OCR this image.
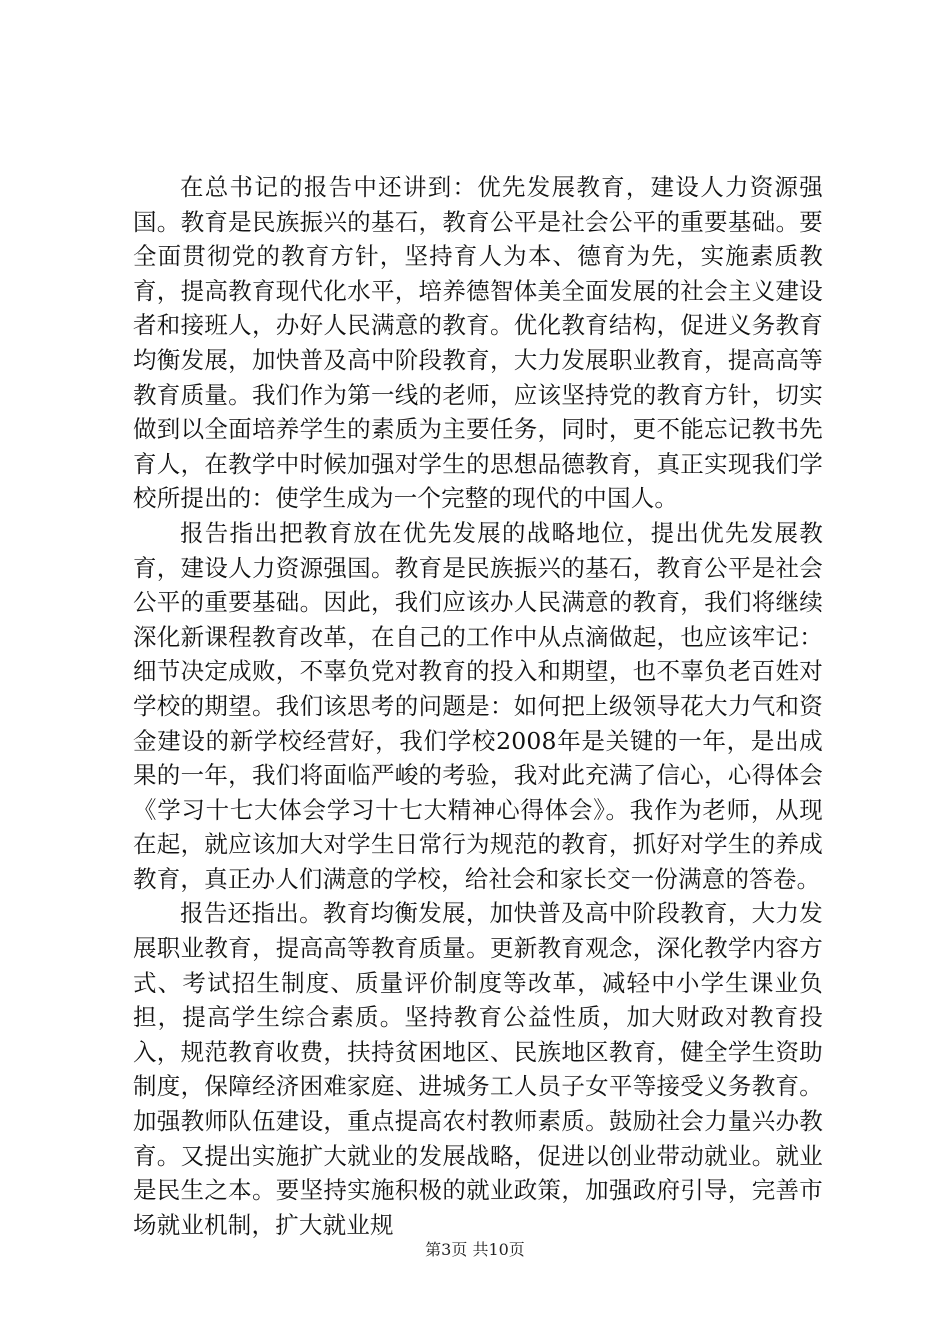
在总书记的报告中还讲到：优先发展教育，建设人力资源强国。教育是民族振兴的基石，教育公平是社会公平的重要基础。要全面贯彻党的教育方针，坚持育人为本、德育为先，实施素质教育，提高教育现代化水平，培养德智体美全面发展的社会主义建设者和接班人，办好人民满意的教育。优化教育结构，促进义务教育均衡发展，加快普及高中阶段教育，大力发展职业教育，提高高等教育质量。我们作为第一线的老师，应该坚持党的教育方针，切实做到以全面培养学生的素质为主要任务，同时，更不能忘记教书先育人，在教学中时候加强对学生的思想品德教育，真正实现我们学校所提出的：使学生成为一个完整的现代的中国人。

报告指出把教育放在优先发展的战略地位，提出优先发展教育，建设人力资源强国。教育是民族振兴的基石，教育公平是社会公平的重要基础。因此，我们应该办人民满意的教育，我们将继续深化新课程教育改革，在自己的工作中从点滴做起，也应该牢记：细节决定成败，不辜负党对教育的投入和期望，也不辜负老百姓对学校的期望。我们该思考的问题是：如何把上级领导花大力气和资金建设的新学校经营好，我们学校2008年是关键的一年，是出成果的一年，我们将面临严峻的考验，我对此充满了信心，心得体会《学习十七大体会学习十七大精神心得体会》。我作为老师，从现在起，就应该加大对学生日常行为规范的教育，抓好对学生的养成教育，真正办人们满意的学校，给社会和家长交一份满意的答卷。

报告还指出。教育均衡发展，加快普及高中阶段教育，大力发展职业教育，提高高等教育质量。更新教育观念，深化教学内容方式、考试招生制度、质量评价制度等改革，减轻中小学生课业负担，提高学生综合素质。坚持教育公益性质，加大财政对教育投入，规范教育收费，扶持贫困地区、民族地区教育，健全学生资助制度，保障经济困难家庭、进城务工人员子女平等接受义务教育。加强教师队伍建设，重点提高农村教师素质。鼓励社会力量兴办教育。又提出实施扩大就业的发展战略，促进以创业带动就业。就业是民生之本。要坚持实施积极的就业政策，加强政府引导，完善市场就业机制，扩大就业规

第3页 共10页
